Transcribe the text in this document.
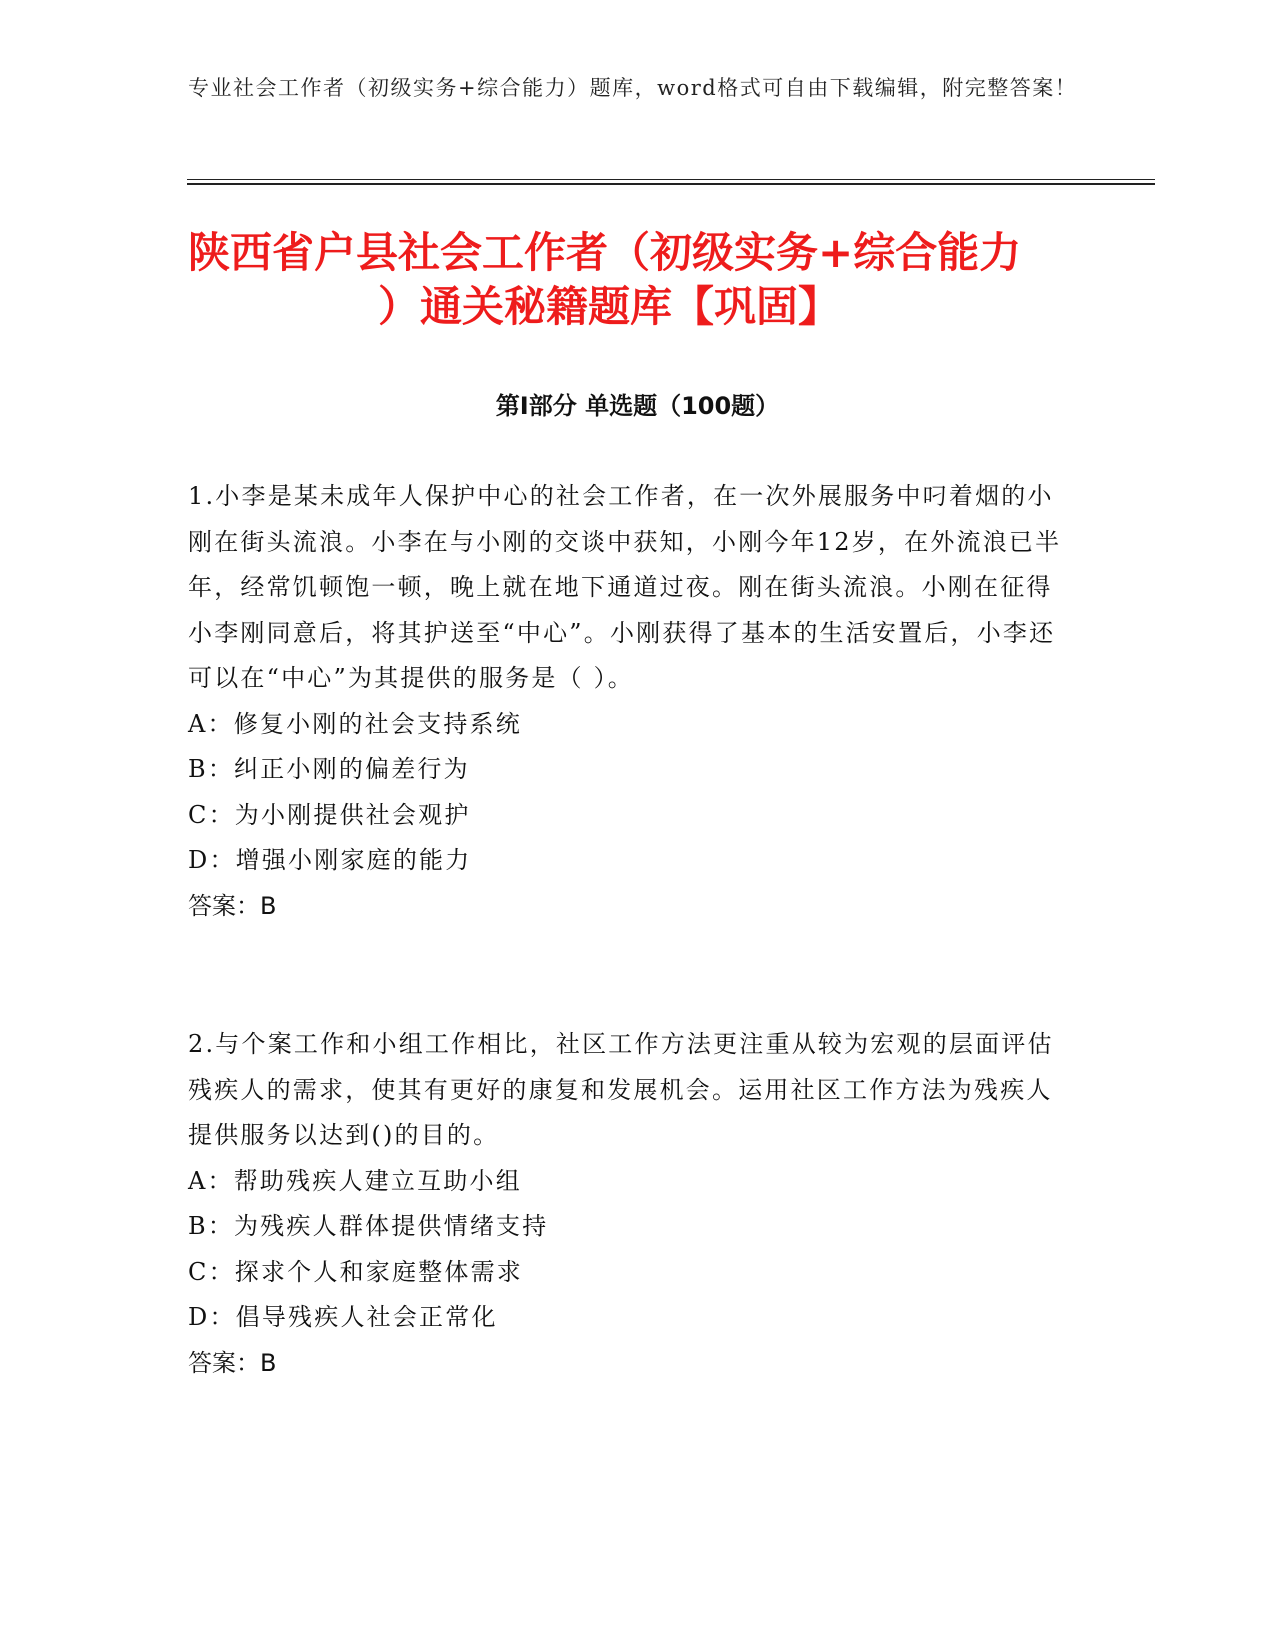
专业社会工作者（初级实务+综合能力）题库，word格式可自由下载编辑，附完整答案！
陕西省户县社会工作者（初级实务+综合能力
）通关秘籍题库【巩固】
第Ⅰ部分 单选题（100题）

1.小李是某未成年人保护中心的社会工作者，在一次外展服务中叼着烟的小刚在街头流浪。小李在与小刚的交谈中获知，小刚今年12岁，在外流浪已半年，经常饥顿饱一顿，晚上就在地下通道过夜。刚在街头流浪。小刚在征得小李刚同意后，将其护送至“中心”。小刚获得了基本的生活安置后，小李还可以在“中心”为其提供的服务是（ ）。

A：修复小刚的社会支持系统

B：纠正小刚的偏差行为

C：为小刚提供社会观护

D：增强小刚家庭的能力

答案：B

2.与个案工作和小组工作相比，社区工作方法更注重从较为宏观的层面评估残疾人的需求，使其有更好的康复和发展机会。运用社区工作方法为残疾人提供服务以达到()的目的。

A：帮助残疾人建立互助小组

B：为残疾人群体提供情绪支持

C：探求个人和家庭整体需求

D：倡导残疾人社会正常化

答案：B
